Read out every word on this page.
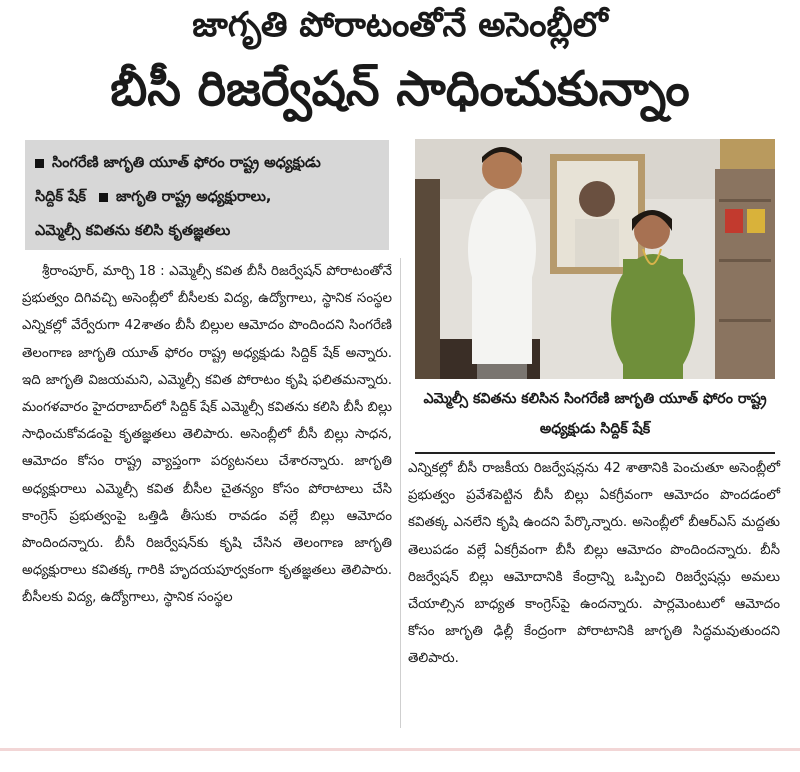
జాగృతి పోరాటంతోనే అసెంబ్లీలో
బీసీ రిజర్వేషన్ సాధించుకున్నాం
సింగరేణి జాగృతి యూత్ ఫోరం రాష్ట్ర అధ్యక్షుడు
సిద్దిక్ షేక్ జాగృతి రాష్ట్ర అధ్యక్షురాలు,
ఎమ్మెల్సీ కవితను కలిసి కృతజ్ఞతలు

శ్రీరాంపూర్, మార్చి 18 : ఎమ్మెల్సీ కవిత బీసీ రిజర్వేషన్ పోరాటంతోనే ప్రభుత్వం దిగివచ్చి అసెంబ్లీలో బీసీలకు విద్య, ఉద్యోగాలు, స్థానిక సంస్థల ఎన్నికల్లో వేర్వేరుగా 42శాతం బీసీ బిల్లుల ఆమోదం పొందిందని సింగరేణి తెలంగాణ జాగృతి యూత్ ఫోరం రాష్ట్ర అధ్యక్షుడు సిద్దిక్ షేక్ అన్నారు. ఇది జాగృతి విజయమని, ఎమ్మెల్సీ కవిత పోరాటం కృషి ఫలితమన్నారు. మంగళవారం హైదరాబాద్‌లో సిద్దిక్ షేక్ ఎమ్మెల్సీ కవితను కలిసి బీసీ బిల్లు సాధించుకోవడంపై కృతజ్ఞతలు తెలిపారు. అసెంబ్లీలో బీసీ బిల్లు సాధన, ఆమోదం కోసం రాష్ట్ర వ్యాప్తంగా పర్యటనలు చేశారన్నారు. జాగృతి అధ్యక్షురాలు ఎమ్మెల్సీ కవిత బీసీల చైతన్యం కోసం పోరాటాలు చేసి కాంగ్రెస్ ప్రభుత్వంపై ఒత్తిడి తీసుకు రావడం వల్లే బిల్లు ఆమోదం పొందిందన్నారు. బీసీ రిజర్వేషన్‌కు కృషి చేసిన తెలంగాణ జాగృతి అధ్యక్షురాలు కవితక్క గారికి హృదయపూర్వకంగా కృతజ్ఞతలు తెలిపారు. బీసీలకు విద్య, ఉద్యోగాలు, స్థానిక సంస్థల

ఎమ్మెల్సీ కవితను కలిసిన సింగరేణి జాగృతి యూత్ ఫోరం రాష్ట్ర అధ్యక్షుడు సిద్దిక్ షేక్

ఎన్నికల్లో బీసీ రాజకీయ రిజర్వేషన్లను 42 శాతానికి పెంచుతూ అసెంబ్లీలో ప్రభుత్వం ప్రవేశపెట్టిన బీసీ బిల్లు ఏకగ్రీవంగా ఆమోదం పొందడంలో కవితక్క ఎనలేని కృషి ఉందని పేర్కొన్నారు. అసెంబ్లీలో బీఆర్ఎస్ మద్దతు తెలుపడం వల్లే ఏకగ్రీవంగా బీసీ బిల్లు ఆమోదం పొందిందన్నారు. బీసీ రిజర్వేషన్ బిల్లు ఆమోదానికి కేంద్రాన్ని ఒప్పించి రిజర్వేషన్లు అమలు చేయాల్సిన బాధ్యత కాంగ్రెస్‌పై ఉందన్నారు. పార్లమెంటులో ఆమోదం కోసం జాగృతి ఢిల్లీ కేంద్రంగా పోరాటానికి జాగృతి సిద్ధమవుతుందని తెలిపారు.
